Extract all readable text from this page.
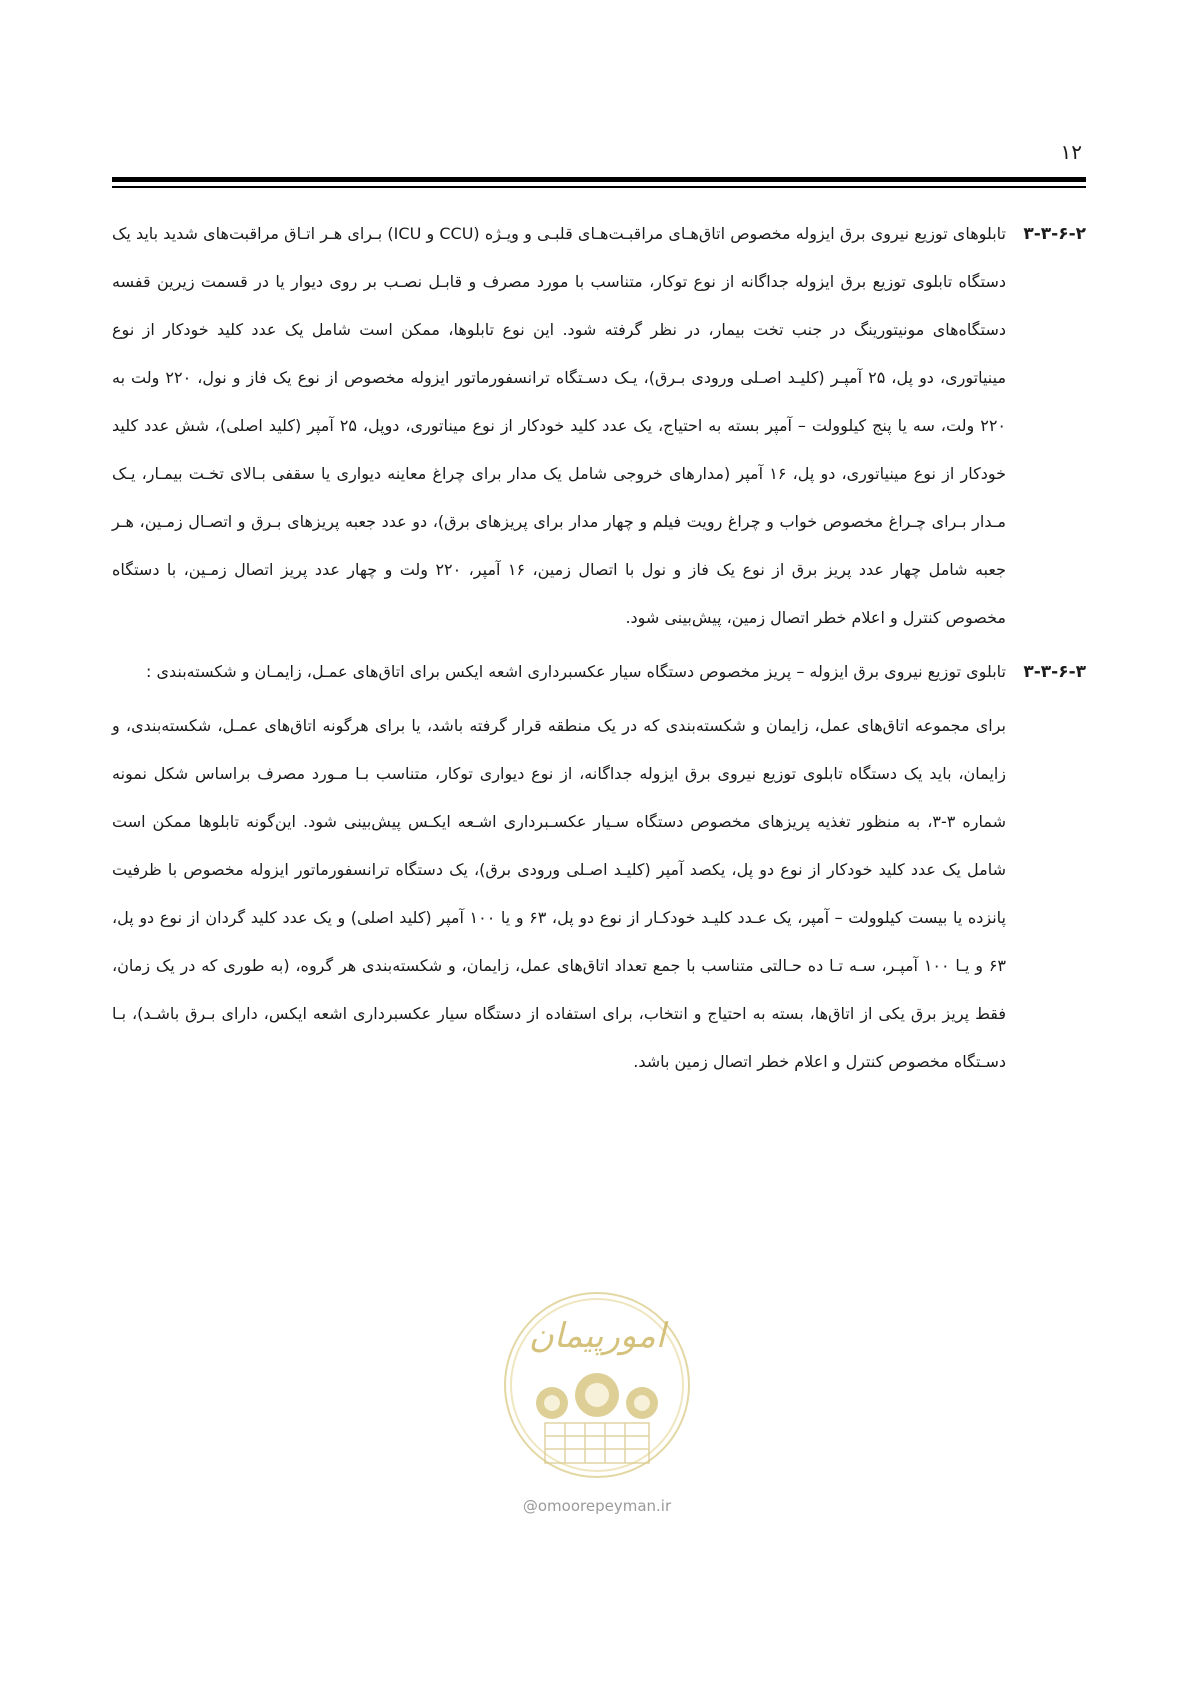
۱۲
۳-۳-۶-۲
تابلوهای توزیع نیروی برق ایزوله مخصوص اتاق‌هـای مراقبـت‌هـای قلبـی و ویـژه (CCU و ICU) بـرای هـر اتـاق مراقبت‌های شدید باید یک دستگاه تابلوی توزیع برق ایزوله جداگانه از نوع توکار، متناسب با مورد مصرف و قابـل نصـب بر روی دیوار یا در قسمت زیرین قفسه دستگاه‌های مونیتورینگ در جنب تخت بیمار، در نظر گرفته شود. این نوع تابلوها، ممکن است شامل یک عدد کلید خودکار از نوع مینیاتوری، دو پل، ۲۵ آمپـر (کلیـد اصـلی ورودی بـرق)، یـک دسـتگاه ترانسفورماتور ایزوله مخصوص از نوع یک فاز و نول، ۲۲۰ ولت به ۲۲۰ ولت، سه یا پنج کیلوولت – آمپر بسته به احتیاج، یک عدد کلید خودکار از نوع میناتوری، دوپل، ۲۵ آمپر (کلید اصلی)، شش عدد کلید خودکار از نوع مینیاتوری، دو پل، ۱۶ آمپر (مدارهای خروجی شامل یک مدار برای چراغ معاینه دیواری یا سقفی بـالای تخـت بیمـار، یـک مـدار بـرای چـراغ مخصوص خواب و چراغ رویت فیلم و چهار مدار برای پریزهای برق)، دو عدد جعبه پریزهای بـرق و اتصـال زمـین، هـر جعبه شامل چهار عدد پریز برق از نوع یک فاز و نول با اتصال زمین، ۱۶ آمپر، ۲۲۰ ولت و چهار عدد پریز اتصال زمـین، با دستگاه مخصوص کنترل و اعلام خطر اتصال زمین، پیش‌بینی شود.
۳-۳-۶-۳
تابلوی توزیع نیروی برق ایزوله – پریز مخصوص دستگاه سیار عکسبرداری اشعه ایکس برای اتاق‌های عمـل، زایمـان و شکسته‌بندی :
برای مجموعه اتاق‌های عمل، زایمان و شکسته‌بندی که در یک منطقه قرار گرفته باشد، یا برای هرگونه اتاق‌های عمـل، شکسته‌بندی، و زایمان، باید یک دستگاه تابلوی توزیع نیروی برق ایزوله جداگانه، از نوع دیواری توکار، متناسب بـا مـورد مصرف براساس شکل نمونه شماره ۳-۳، به منظور تغذیه پریزهای مخصوص دستگاه سـیار عکسـبرداری اشـعه ایکـس پیش‌بینی شود. این‌گونه تابلوها ممکن است شامل یک عدد کلید خودکار از نوع دو پل، یکصد آمپر (کلیـد اصـلی ورودی برق)، یک دستگاه ترانسفورماتور ایزوله مخصوص با ظرفیت پانزده یا بیست کیلوولت – آمپر، یک عـدد کلیـد خودکـار از نوع دو پل، ۶۳ و یا ۱۰۰ آمپر (کلید اصلی) و یک عدد کلید گردان از نوع دو پل، ۶۳ و یـا ۱۰۰ آمپـر، سـه تـا ده حـالتی متناسب با جمع تعداد اتاق‌های عمل، زایمان، و شکسته‌بندی هر گروه، (به طوری که در یک زمان، فقط پریز برق یکی از اتاق‌ها، بسته به احتیاج و انتخاب، برای استفاده از دستگاه سیار عکسبرداری اشعه ایکس، دارای بـرق باشـد)، بـا دسـتگاه مخصوص کنترل و اعلام خطر اتصال زمین باشد.
امورپیمان
@omoorepeyman.ir
